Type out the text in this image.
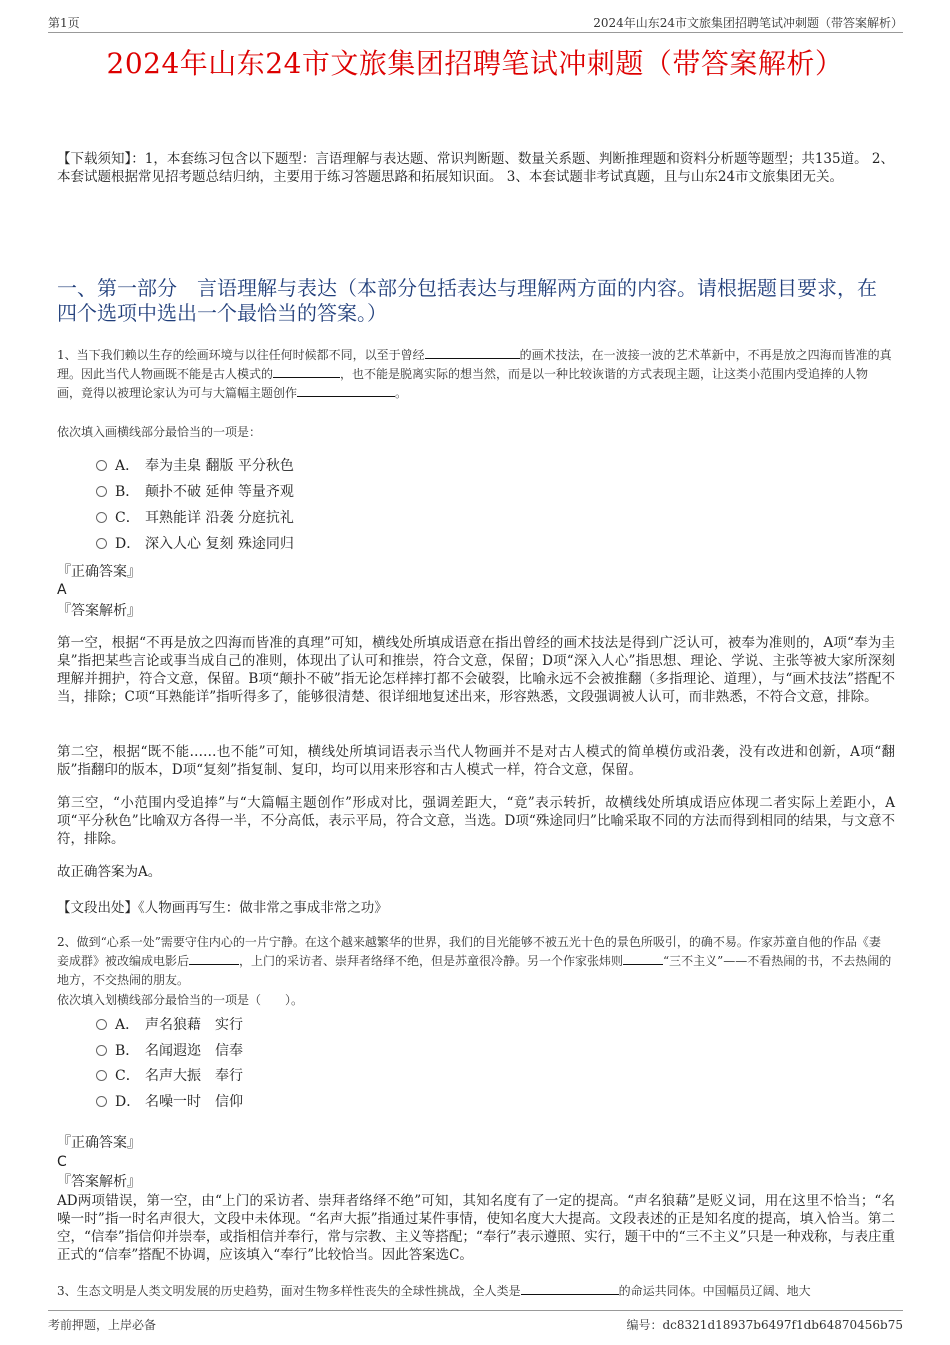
第1页	2024年山东24市文旅集团招聘笔试冲刺题（带答案解析）
2024年山东24市文旅集团招聘笔试冲刺题（带答案解析）
【下载须知】：1，本套练习包含以下题型：言语理解与表达题、常识判断题、数量关系题、判断推理题和资料分析题等题型；共135道。 2、本套试题根据常见招考题总结归纳，主要用于练习答题思路和拓展知识面。 3、本套试题非考试真题，且与山东24市文旅集团无关。
一、第一部分　言语理解与表达（本部分包括表达与理解两方面的内容。请根据题目要求，在四个选项中选出一个最恰当的答案。）
1、当下我们赖以生存的绘画环境与以往任何时候都不同，以至于曾经	的画术技法，在一波接一波的艺术革新中，不再是放之四海而皆准的真理。因此当代人物画既不能是古人模式的	，也不能是脱离实际的想当然，而是以一种比较诙谐的方式表现主题，让这类小范围内受追捧的人物画，竟得以被理论家认为可与大篇幅主题创作	。
依次填入画横线部分最恰当的一项是：
A． 奉为圭臬 翻版 平分秋色
B． 颠扑不破 延伸 等量齐观
C． 耳熟能详 沿袭 分庭抗礼
D． 深入人心 复刻 殊途同归
『正确答案』
A
『答案解析』
第一空，根据“不再是放之四海而皆准的真理”可知，横线处所填成语意在指出曾经的画术技法是得到广泛认可，被奉为准则的，A项“奉为圭臬”指把某些言论或事当成自己的准则，体现出了认可和推崇，符合文意，保留；D项“深入人心”指思想、理论、学说、主张等被大家所深刻理解并拥护，符合文意，保留。B项“颠扑不破”指无论怎样摔打都不会破裂，比喻永远不会被推翻（多指理论、道理），与“画术技法”搭配不当，排除；C项“耳熟能详”指听得多了，能够很清楚、很详细地复述出来，形容熟悉，文段强调被人认可，而非熟悉，不符合文意，排除。
第二空，根据“既不能……也不能”可知，横线处所填词语表示当代人物画并不是对古人模式的简单模仿或沿袭，没有改进和创新，A项“翻版”指翻印的版本，D项“复刻”指复制、复印，均可以用来形容和古人模式一样，符合文意，保留。
第三空，“小范围内受追捧”与“大篇幅主题创作”形成对比，强调差距大，“竟”表示转折，故横线处所填成语应体现二者实际上差距小，A项“平分秋色”比喻双方各得一半，不分高低，表示平局，符合文意，当选。D项“殊途同归”比喻采取不同的方法而得到相同的结果，与文意不符，排除。
故正确答案为A。
【文段出处】《人物画再写生：做非常之事成非常之功》
2、做到“心系一处”需要守住内心的一片宁静。在这个越来越繁华的世界，我们的目光能够不被五光十色的景色所吸引，的确不易。作家苏童自他的作品《妻妾成群》被改编成电影后	，上门的采访者、崇拜者络绎不绝，但是苏童很冷静。另一个作家张炜则	“三不主义”——不看热闹的书，不去热闹的地方，不交热闹的朋友。
依次填入划横线部分最恰当的一项是（　　）。
A． 声名狼藉　实行
B． 名闻遐迩　信奉
C． 名声大振　奉行
D． 名噪一时　信仰
『正确答案』
C
『答案解析』
AD两项错误，第一空，由“上门的采访者、崇拜者络绎不绝”可知，其知名度有了一定的提高。“声名狼藉”是贬义词，用在这里不恰当；“名噪一时”指一时名声很大，文段中未体现。“名声大振”指通过某件事情，使知名度大大提高。文段表述的正是知名度的提高，填入恰当。第二空，“信奉”指信仰并崇奉，或指相信并奉行，常与宗教、主义等搭配；“奉行”表示遵照、实行，题干中的“三不主义”只是一种戏称，与表庄重正式的“信奉”搭配不协调，应该填入“奉行”比较恰当。因此答案选C。
3、生态文明是人类文明发展的历史趋势，面对生物多样性丧失的全球性挑战，全人类是	的命运共同体。中国幅员辽阔、地大
考前押题，上岸必备	编号：dc8321d18937b6497f1db64870456b75
